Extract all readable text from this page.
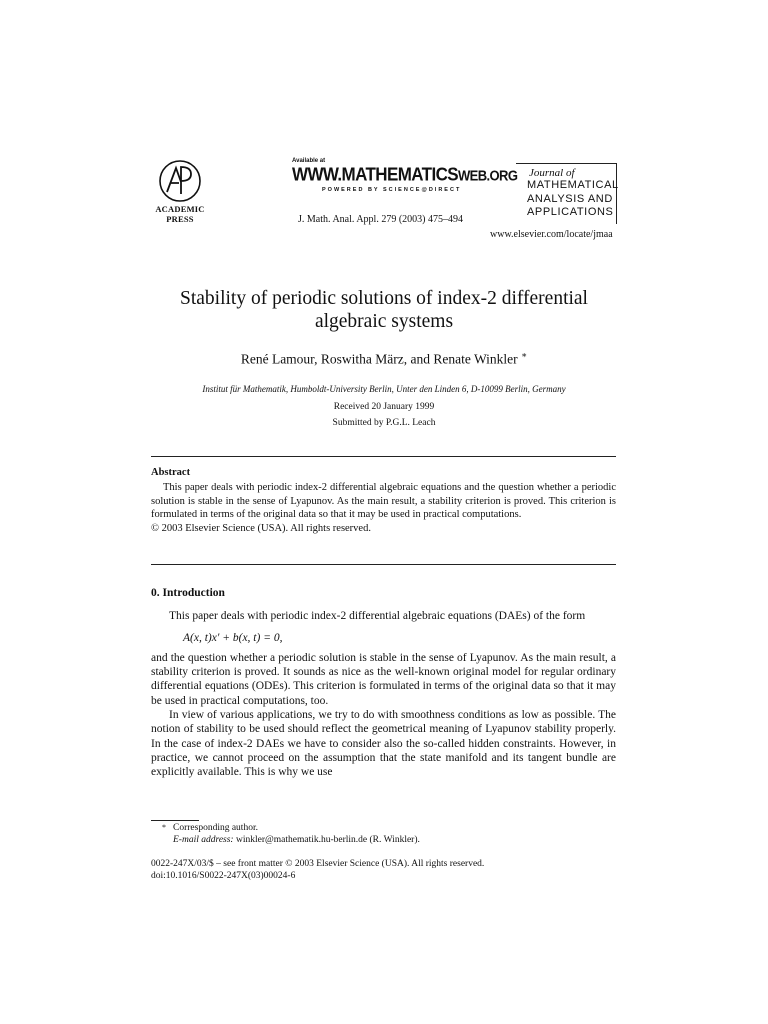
ACADEMIC
PRESS
Available at
WWW.MATHEMATICSWEB.ORG
POWERED BY SCIENCE@DIRECT
J. Math. Anal. Appl. 279 (2003) 475–494
Journal of
MATHEMATICAL
ANALYSIS AND
APPLICATIONS
www.elsevier.com/locate/jmaa
Stability of periodic solutions of index-2 differential
algebraic systems
René Lamour, Roswitha März, and Renate Winkler ∗
Institut für Mathematik, Humboldt-University Berlin, Unter den Linden 6, D-10099 Berlin, Germany
Received 20 January 1999
Submitted by P.G.L. Leach
Abstract

This paper deals with periodic index-2 differential algebraic equations and the question whether a periodic solution is stable in the sense of Lyapunov. As the main result, a stability criterion is proved. This criterion is formulated in terms of the original data so that it may be used in practical computations.

© 2003 Elsevier Science (USA). All rights reserved.

0. Introduction

This paper deals with periodic index-2 differential algebraic equations (DAEs) of the form

A(x, t)x′ + b(x, t) = 0,

and the question whether a periodic solution is stable in the sense of Lyapunov. As the main result, a stability criterion is proved. It sounds as nice as the well-known original model for regular ordinary differential equations (ODEs). This criterion is formulated in terms of the original data so that it may be used in practical computations, too.

In view of various applications, we try to do with smoothness conditions as low as possible. The notion of stability to be used should reflect the geometrical meaning of Lyapunov stability properly. In the case of index-2 DAEs we have to consider also the so-called hidden constraints. However, in practice, we cannot proceed on the assumption that the state manifold and its tangent bundle are explicitly available. This is why we use

* Corresponding author.
E-mail address: winkler@mathematik.hu-berlin.de (R. Winkler).
0022-247X/03/$ – see front matter © 2003 Elsevier Science (USA). All rights reserved.
doi:10.1016/S0022-247X(03)00024-6
